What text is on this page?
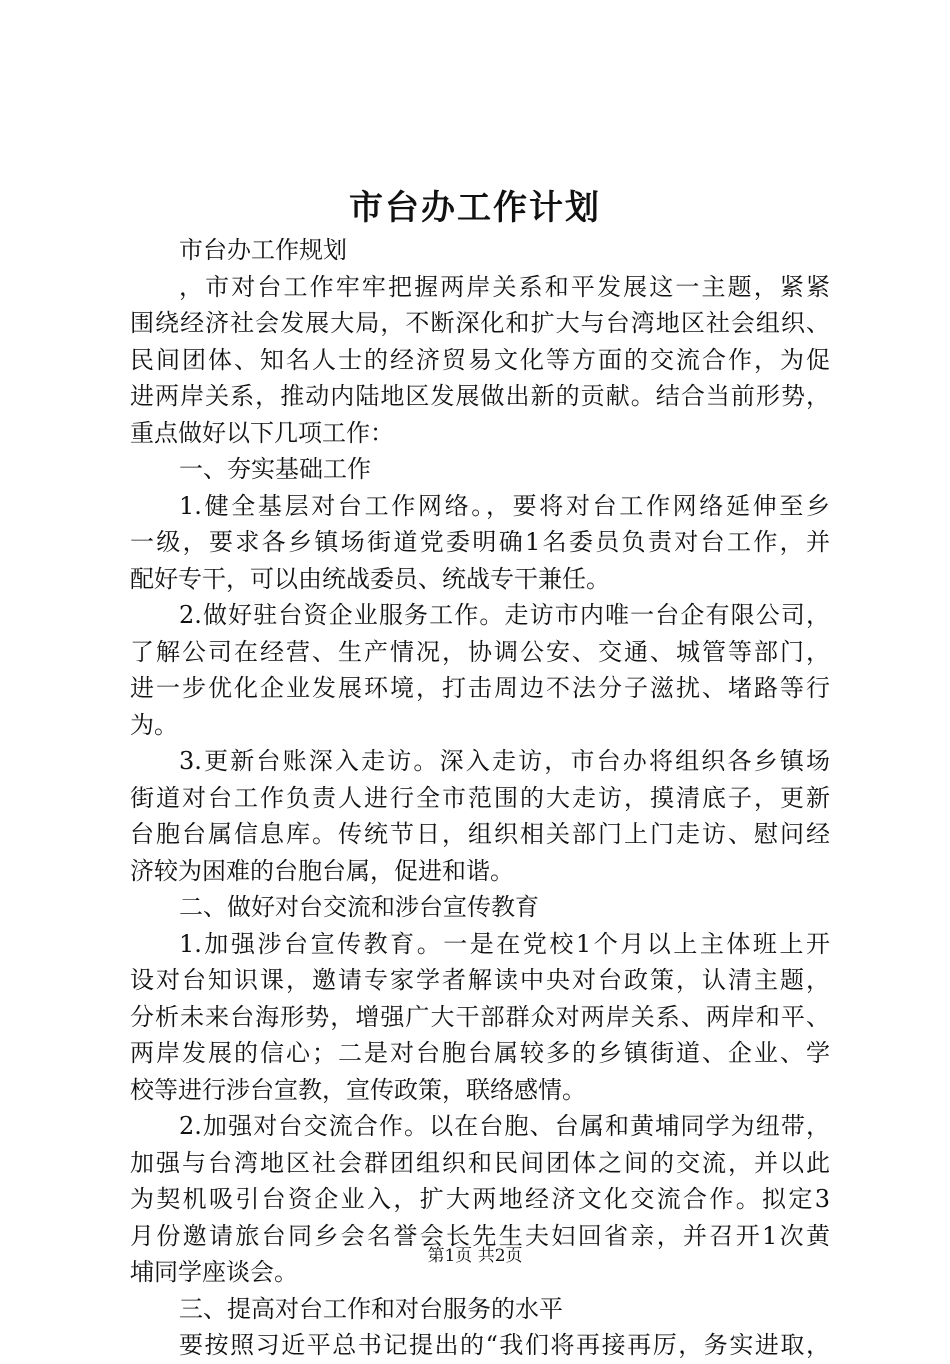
市台办工作计划
市台办工作规划
，市对台工作牢牢把握两岸关系和平发展这一主题，紧紧
围绕经济社会发展大局，不断深化和扩大与台湾地区社会组织、
民间团体、知名人士的经济贸易文化等方面的交流合作，为促
进两岸关系，推动内陆地区发展做出新的贡献。结合当前形势，
重点做好以下几项工作：
一、夯实基础工作
1.健全基层对台工作网络。，要将对台工作网络延伸至乡
一级，要求各乡镇场街道党委明确1名委员负责对台工作，并
配好专干，可以由统战委员、统战专干兼任。
2.做好驻台资企业服务工作。走访市内唯一台企有限公司，
了解公司在经营、生产情况，协调公安、交通、城管等部门，
进一步优化企业发展环境，打击周边不法分子滋扰、堵路等行
为。
3.更新台账深入走访。深入走访，市台办将组织各乡镇场
街道对台工作负责人进行全市范围的大走访，摸清底子，更新
台胞台属信息库。传统节日，组织相关部门上门走访、慰问经
济较为困难的台胞台属，促进和谐。
二、做好对台交流和涉台宣传教育
1.加强涉台宣传教育。一是在党校1个月以上主体班上开
设对台知识课，邀请专家学者解读中央对台政策，认清主题，
分析未来台海形势，增强广大干部群众对两岸关系、两岸和平、
两岸发展的信心；二是对台胞台属较多的乡镇街道、企业、学
校等进行涉台宣教，宣传政策，联络感情。
2.加强对台交流合作。以在台胞、台属和黄埔同学为纽带，
加强与台湾地区社会群团组织和民间团体之间的交流，并以此
为契机吸引台资企业入，扩大两地经济文化交流合作。拟定3
月份邀请旅台同乡会名誉会长先生夫妇回省亲，并召开1次黄
埔同学座谈会。
三、提高对台工作和对台服务的水平
要按照习近平总书记提出的“我们将再接再厉，务实进取，
第1页 共2页
